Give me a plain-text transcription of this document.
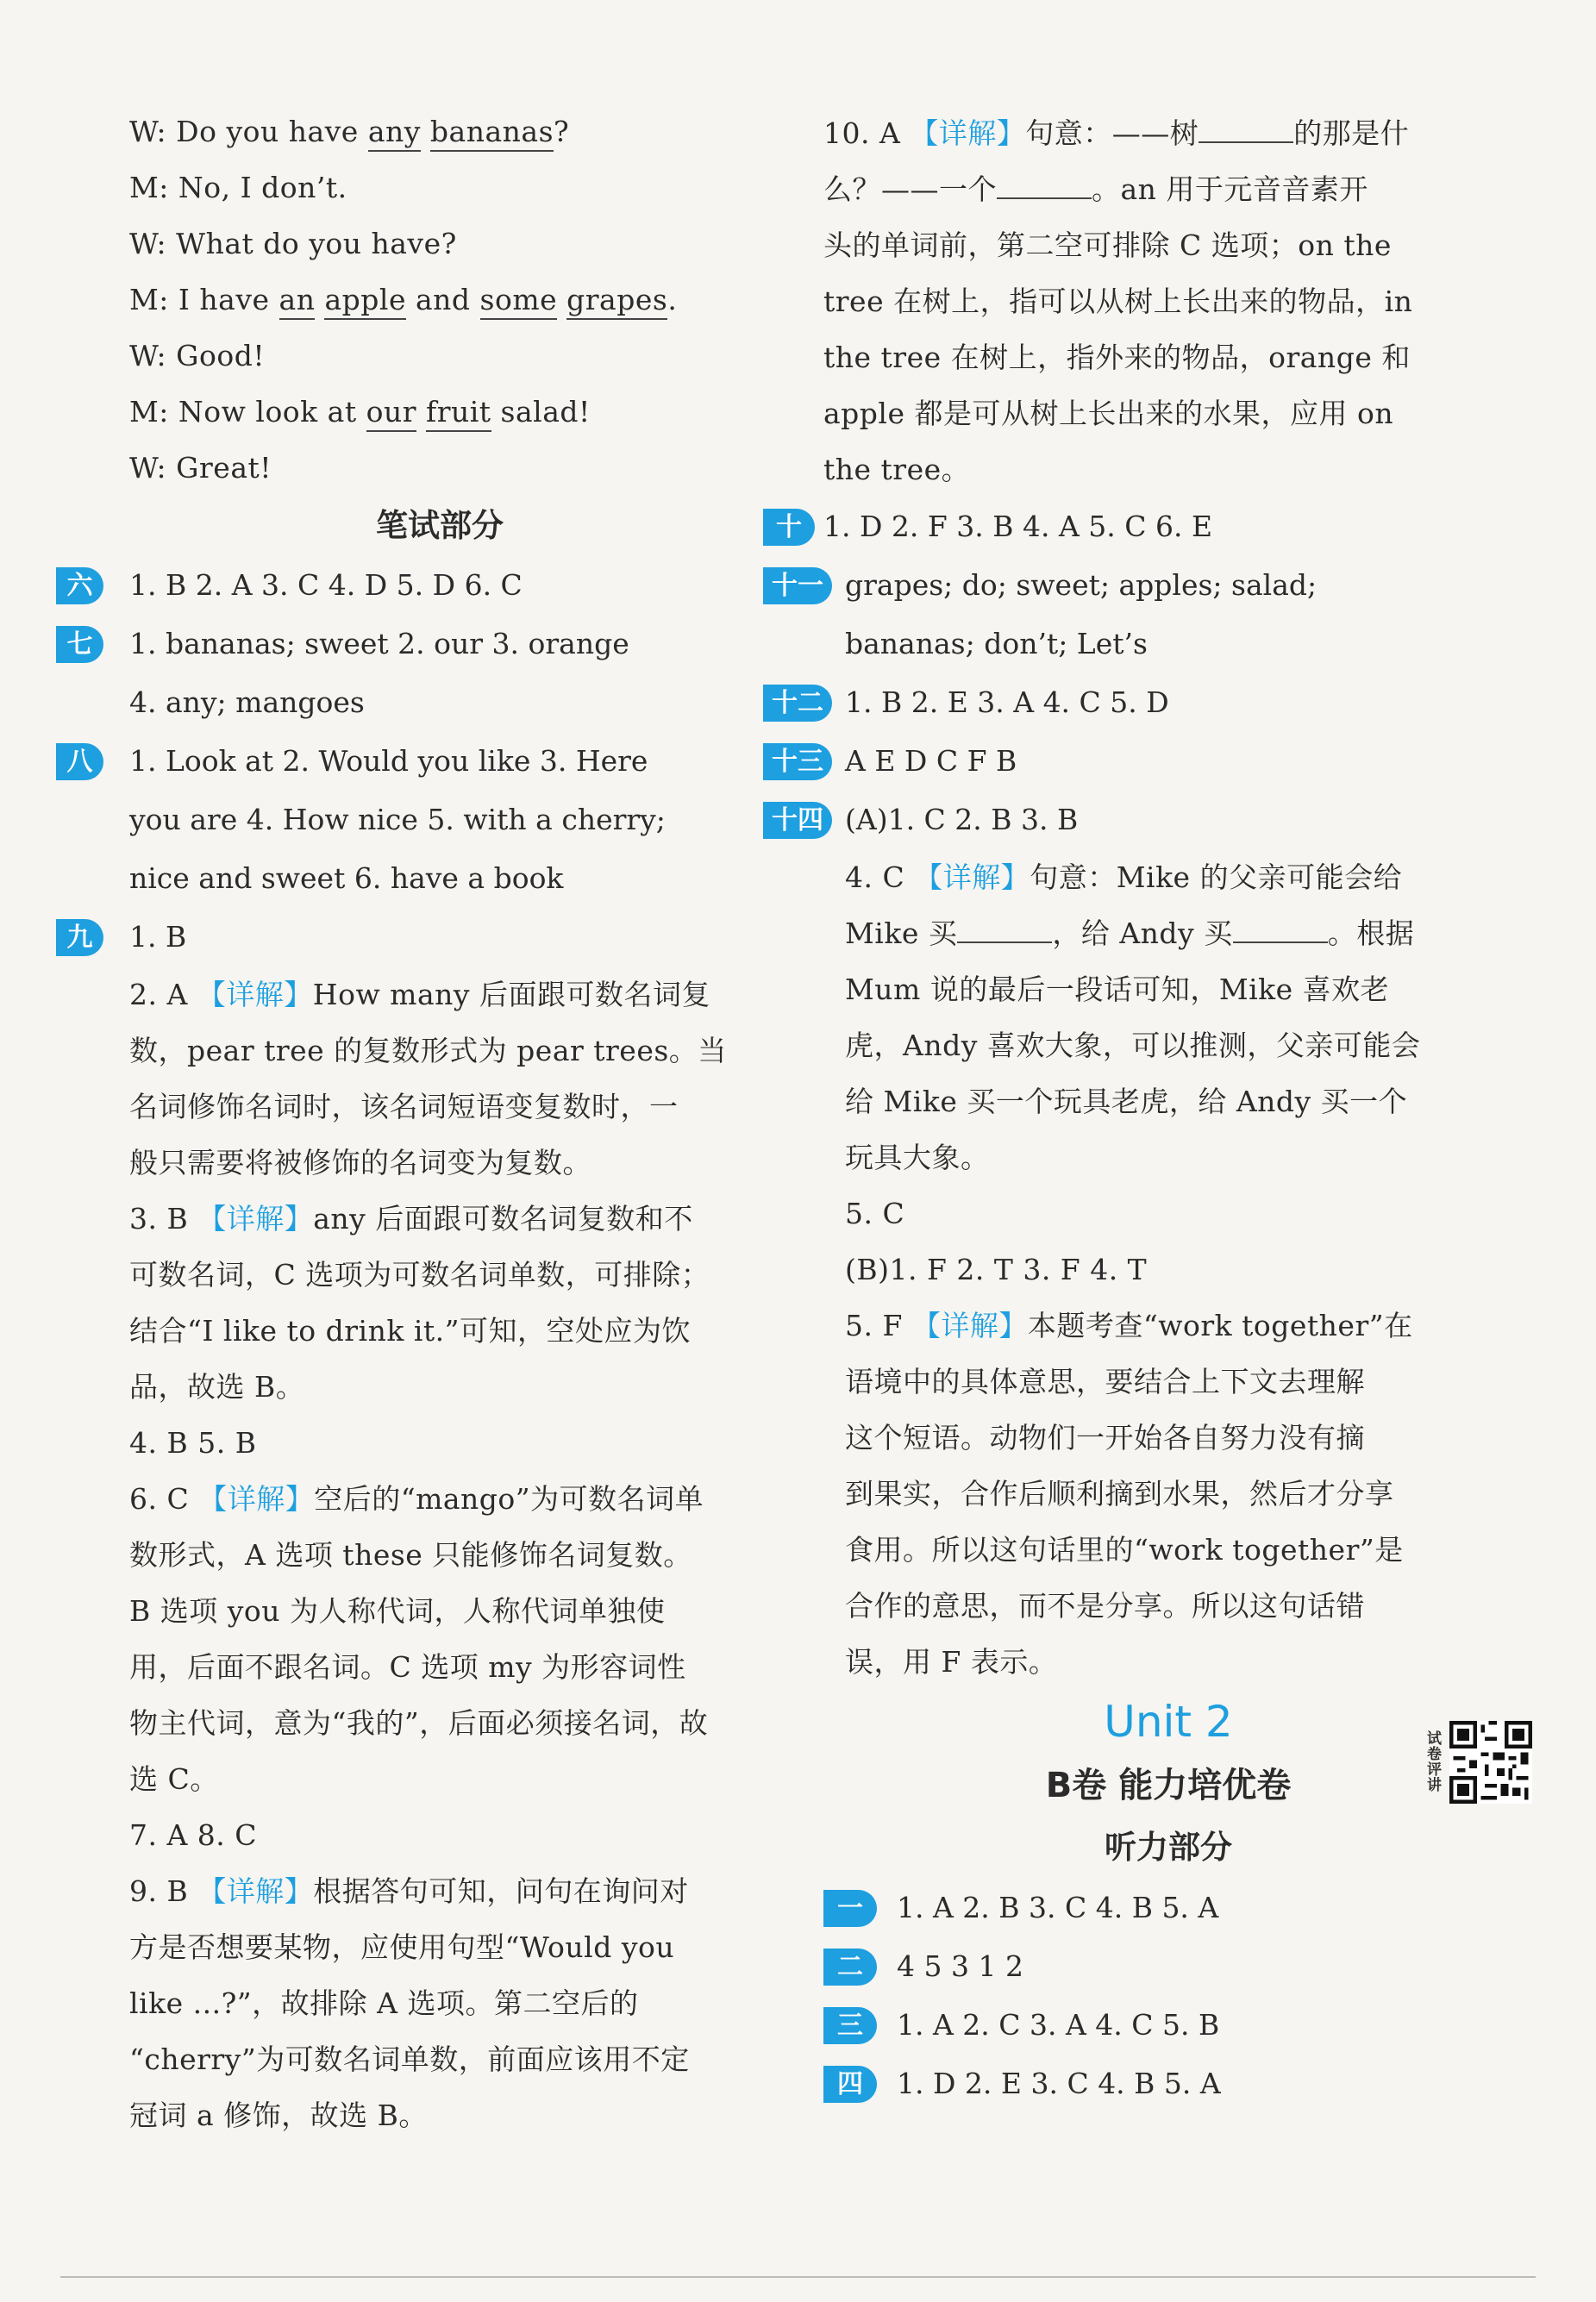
W: Do you have any bananas?
M: No, I don’t.
W: What do you have?
M: I have an apple and some grapes.
W: Good!
M: Now look at our fruit salad!
W: Great!
笔试部分
六	1. B 2. A 3. C 4. D 5. D 6. C
七	1. bananas; sweet 2. our 3. orange
4. any; mangoes
八	1. Look at 2. Would you like 3. Here
you are 4. How nice 5. with a cherry;
nice and sweet 6. have a book
九	1. B
2. A 【详解】How many 后面跟可数名词复
数，pear tree 的复数形式为 pear trees。当
名词修饰名词时，该名词短语变复数时，一
般只需要将被修饰的名词变为复数。
3. B 【详解】any 后面跟可数名词复数和不
可数名词，C 选项为可数名词单数，可排除；
结合“I like to drink it.”可知，空处应为饮
品，故选 B。
4. B 5. B
6. C 【详解】空后的“mango”为可数名词单
数形式，A 选项 these 只能修饰名词复数。
B 选项 you 为人称代词，人称代词单独使
用，后面不跟名词。C 选项 my 为形容词性
物主代词，意为“我的”，后面必须接名词，故
选 C。
7. A 8. C
9. B 【详解】根据答句可知，问句在询问对
方是否想要某物，应使用句型“Would you
like ...?”，故排除 A 选项。第二空后的
“cherry”为可数名词单数，前面应该用不定
冠词 a 修饰，故选 B。
10. A 【详解】句意：——树	的那是什
么？——一个	。an 用于元音音素开
头的单词前，第二空可排除 C 选项；on the
tree 在树上，指可以从树上长出来的物品，in
the tree 在树上，指外来的物品，orange 和
apple 都是可从树上长出来的水果，应用 on
the tree。
十 1. D 2. F 3. B 4. A 5. C 6. E
十一 grapes; do; sweet; apples; salad;
bananas; don’t; Let’s
十二 1. B 2. E 3. A 4. C 5. D
十三 A E D C F B
十四 (A)1. C 2. B 3. B
4. C 【详解】句意：Mike 的父亲可能会给
Mike 买	，给 Andy 买	。根据
Mum 说的最后一段话可知，Mike 喜欢老
虎，Andy 喜欢大象，可以推测，父亲可能会
给 Mike 买一个玩具老虎，给 Andy 买一个
玩具大象。
5. C
(B)1. F 2. T 3. F 4. T
5. F 【详解】本题考查“work together”在
语境中的具体意思，要结合上下文去理解
这个短语。动物们一开始各自努力没有摘
到果实，合作后顺利摘到水果，然后才分享
食用。所以这句话里的“work together”是
合作的意思，而不是分享。所以这句话错
误，用 F 表示。
Unit 2
B卷 能力培优卷
听力部分
一	1. A 2. B 3. C 4. B 5. A
二	4 5 3 1 2
三	1. A 2. C 3. A 4. C 5. B
四	1. D 2. E 3. C 4. B 5. A
试卷评讲
